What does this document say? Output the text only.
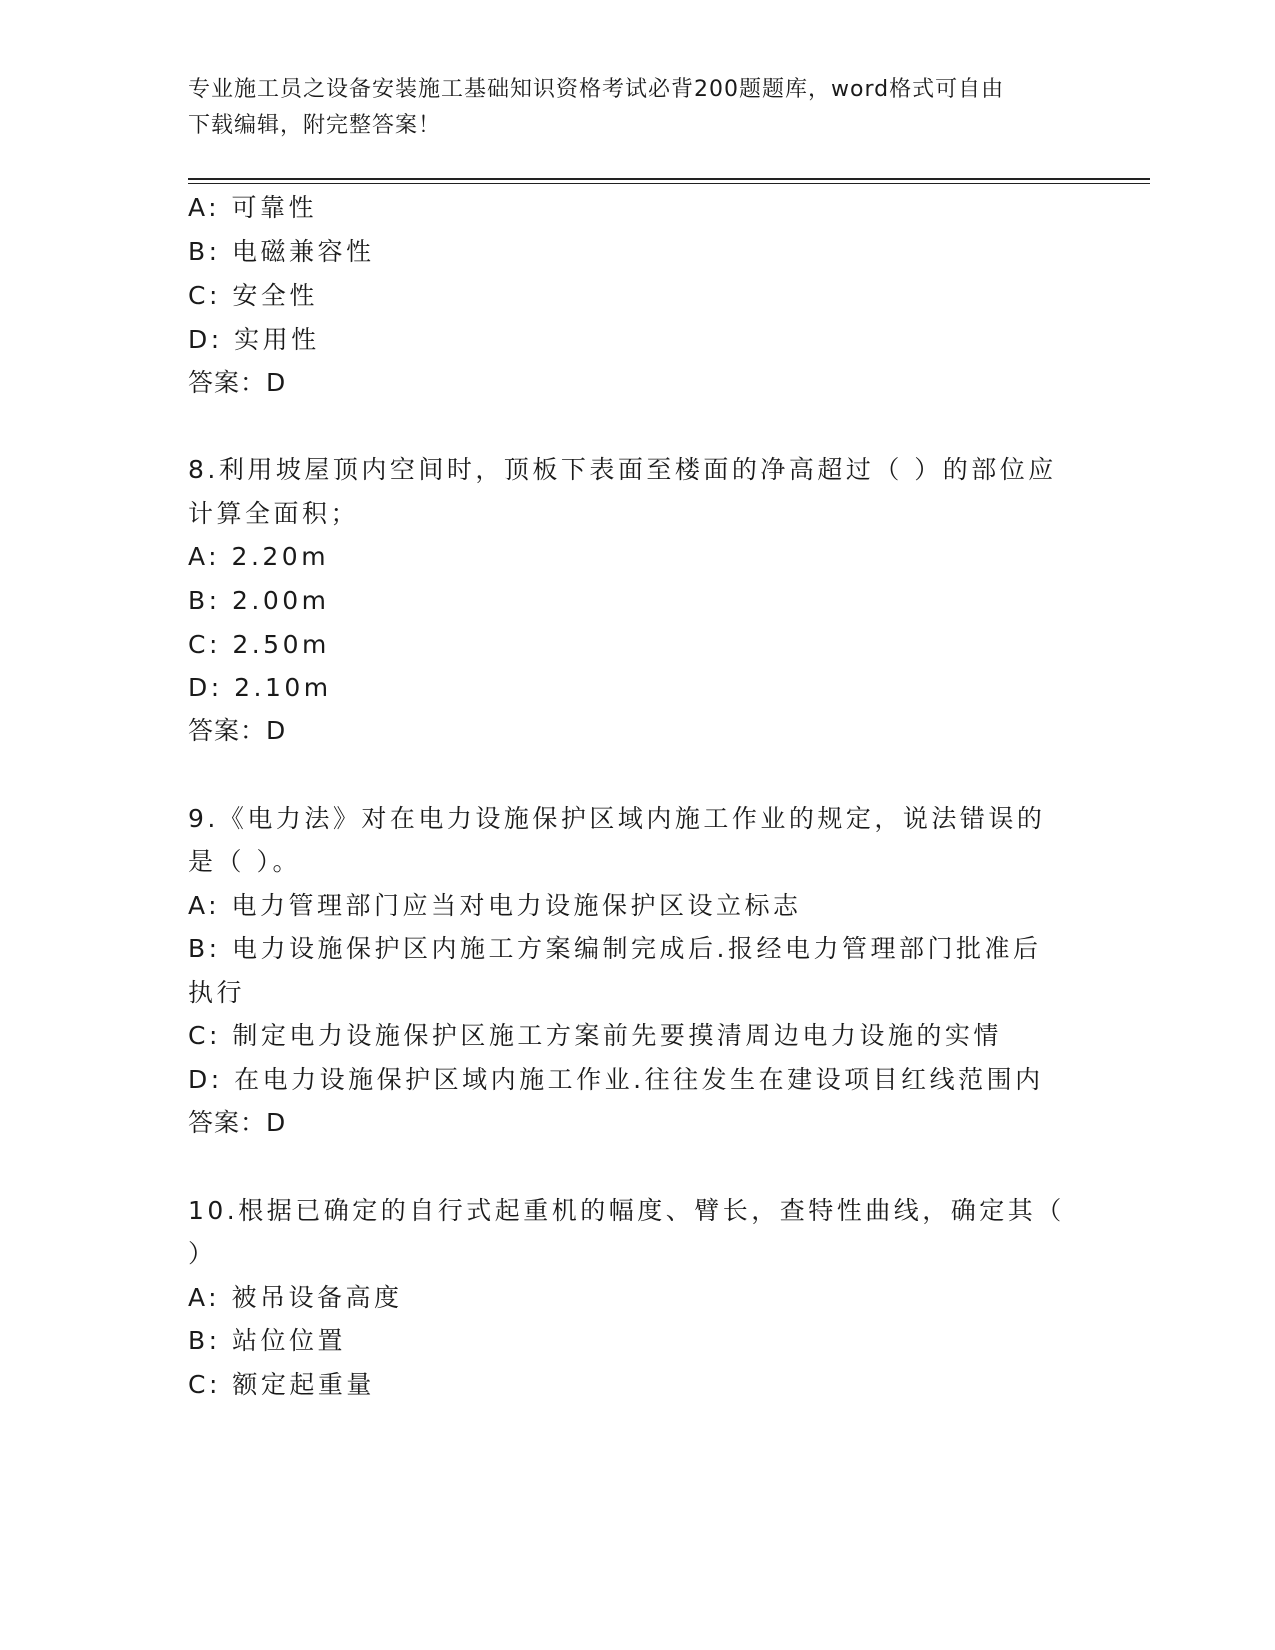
专业施工员之设备安装施工基础知识资格考试必背200题题库，word格式可自由
下载编辑，附完整答案！
A: 可靠性
B: 电磁兼容性
C: 安全性
D: 实用性
答案：D
8.利用坡屋顶内空间时，顶板下表面至楼面的净高超过（ ）的部位应
计算全面积；
A: 2.20m
B: 2.00m
C: 2.50m
D: 2.10m
答案：D
9.《电力法》对在电力设施保护区域内施工作业的规定，说法错误的
是（ ）。
A: 电力管理部门应当对电力设施保护区设立标志
B: 电力设施保护区内施工方案编制完成后.报经电力管理部门批准后
执行
C: 制定电力设施保护区施工方案前先要摸清周边电力设施的实情
D: 在电力设施保护区域内施工作业.往往发生在建设项目红线范围内
答案：D
10.根据已确定的自行式起重机的幅度、臂长，查特性曲线，确定其（
）
A: 被吊设备高度
B: 站位位置
C: 额定起重量
